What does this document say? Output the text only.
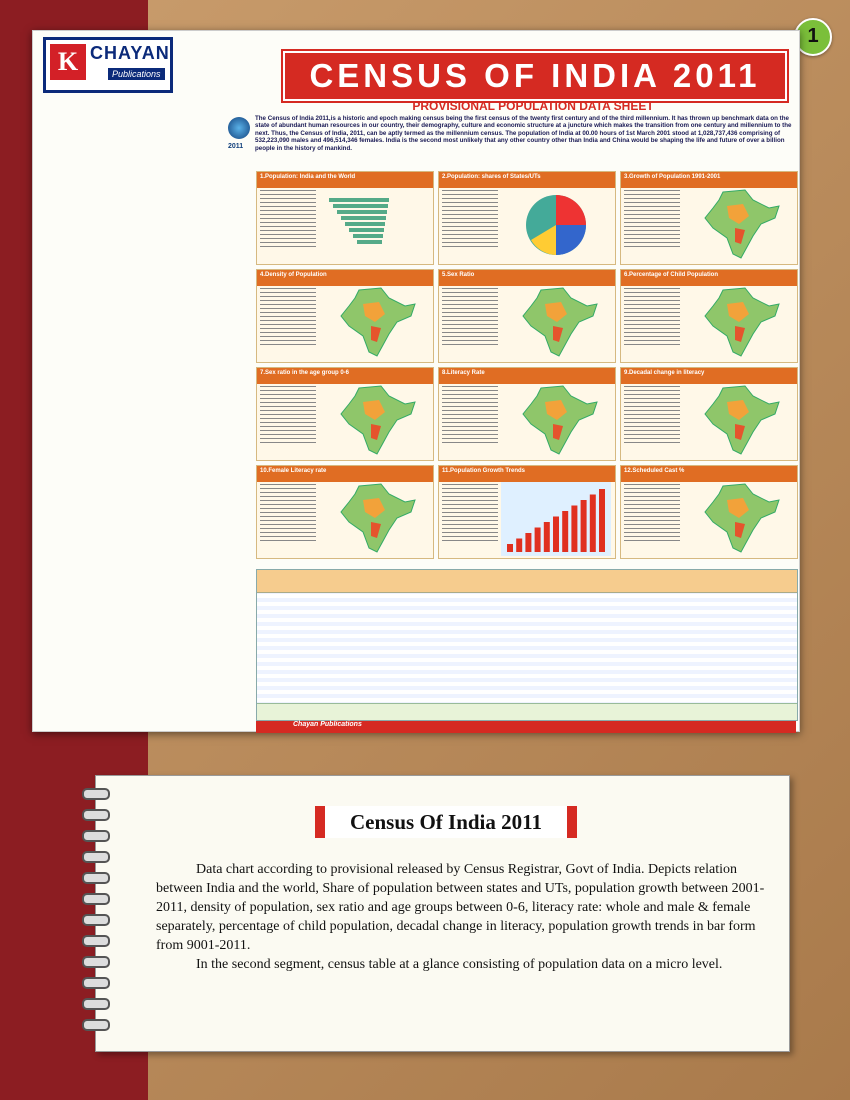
1
K CHAYAN
Publications	CENSUS OF INDIA 2011
PROVISIONAL POPULATION DATA SHEET
2011
The Census of India 2011,is a historic and epoch making census being the first census of the twenty first century and of the third millennium. It has thrown up benchmark data on the state of abundant human resources in our country, their demography, culture and economic structure at a juncture which makes the transition from one century and millennium to the next. Thus, the Census of India, 2011, can be aptly termed as the millennium census. The population of India at 00.00 hours of 1st March 2001 stood at 1,028,737,436 comprising of 532,223,090 males and 496,514,346 females. India is the second most unlikely that any other country other than India and China would be shaping the life and future of over a billion people in the history of mankind.
1.Population: India and the World	2.Population: shares of States/UTs	3.Growth of Population 1991-2001
4.Density of Population	5.Sex Ratio	6.Percentage of Child Population
7.Sex ratio in the age group 0-6	8.Literacy Rate	9.Decadal change in literacy
10.Female Literacy rate	11.Population Growth Trends	12.Scheduled Cast %
Chayan Publications
Census Of India 2011

Data chart according to provisional released by Census Registrar, Govt of India. Depicts relation between India and the world, Share of population between states and UTs, population growth between 2001-2011, density of population, sex ratio and age groups between 0-6, literacy rate: whole and male & female separately, percentage of child population, decadal change in literacy, population growth trends in bar form from 9001-2011.

In the second segment, census table at a glance consisting of population data on a micro level.
